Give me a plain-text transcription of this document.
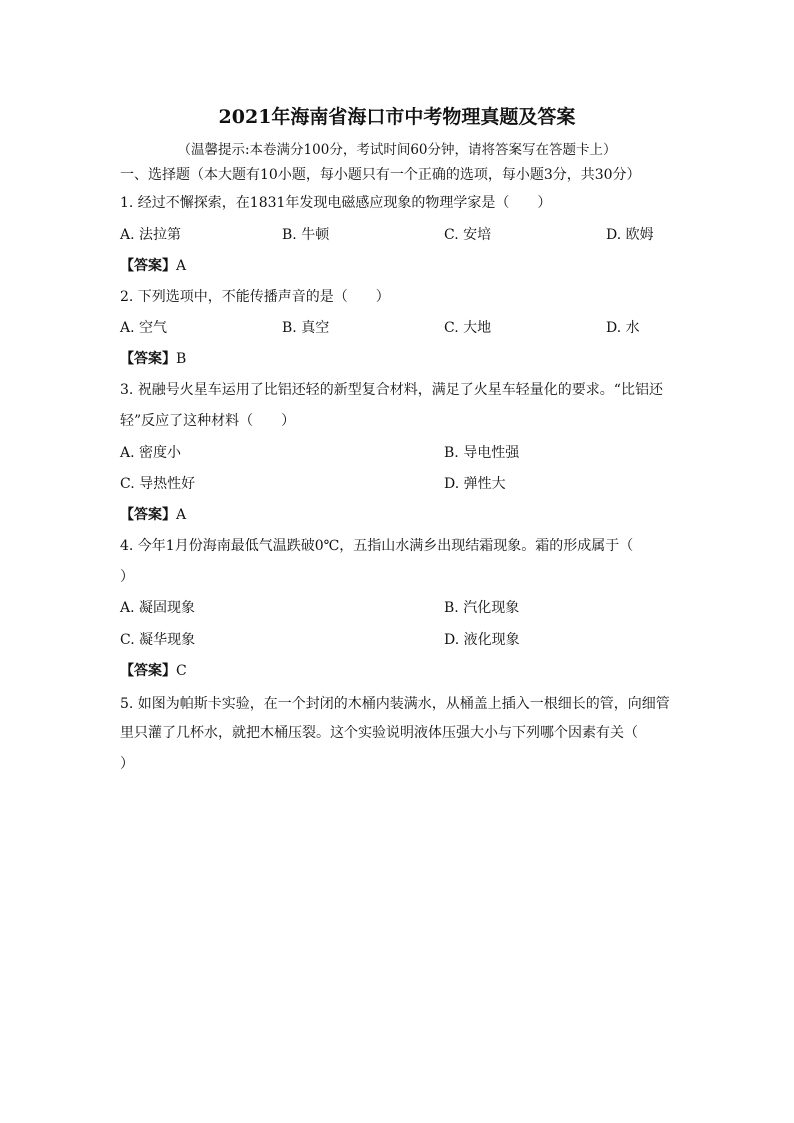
2021年海南省海口市中考物理真题及答案
（温馨提示:本卷满分100分，考试时间60分钟，请将答案写在答题卡上）
一、选择题（本大题有10小题，每小题只有一个正确的选项，每小题3分，共30分）
1. 经过不懈探索，在1831年发现电磁感应现象的物理学家是（　　）
A. 法拉第	B. 牛顿	C. 安培	D. 欧姆
【答案】A
2. 下列选项中，不能传播声音的是（　　）
A. 空气	B. 真空	C. 大地	D. 水
【答案】B
3. 祝融号火星车运用了比铝还轻的新型复合材料，满足了火星车轻量化的要求。“比铝还
轻”反应了这种材料（　　）
A. 密度小	B. 导电性强
C. 导热性好	D. 弹性大
【答案】A
4. 今年1月份海南最低气温跌破0℃，五指山水满乡出现结霜现象。霜的形成属于（
）
A. 凝固现象	B. 汽化现象
C. 凝华现象	D. 液化现象
【答案】C
5. 如图为帕斯卡实验，在一个封闭的木桶内装满水，从桶盖上插入一根细长的管，向细管
里只灌了几杯水，就把木桶压裂。这个实验说明液体压强大小与下列哪个因素有关（
）
